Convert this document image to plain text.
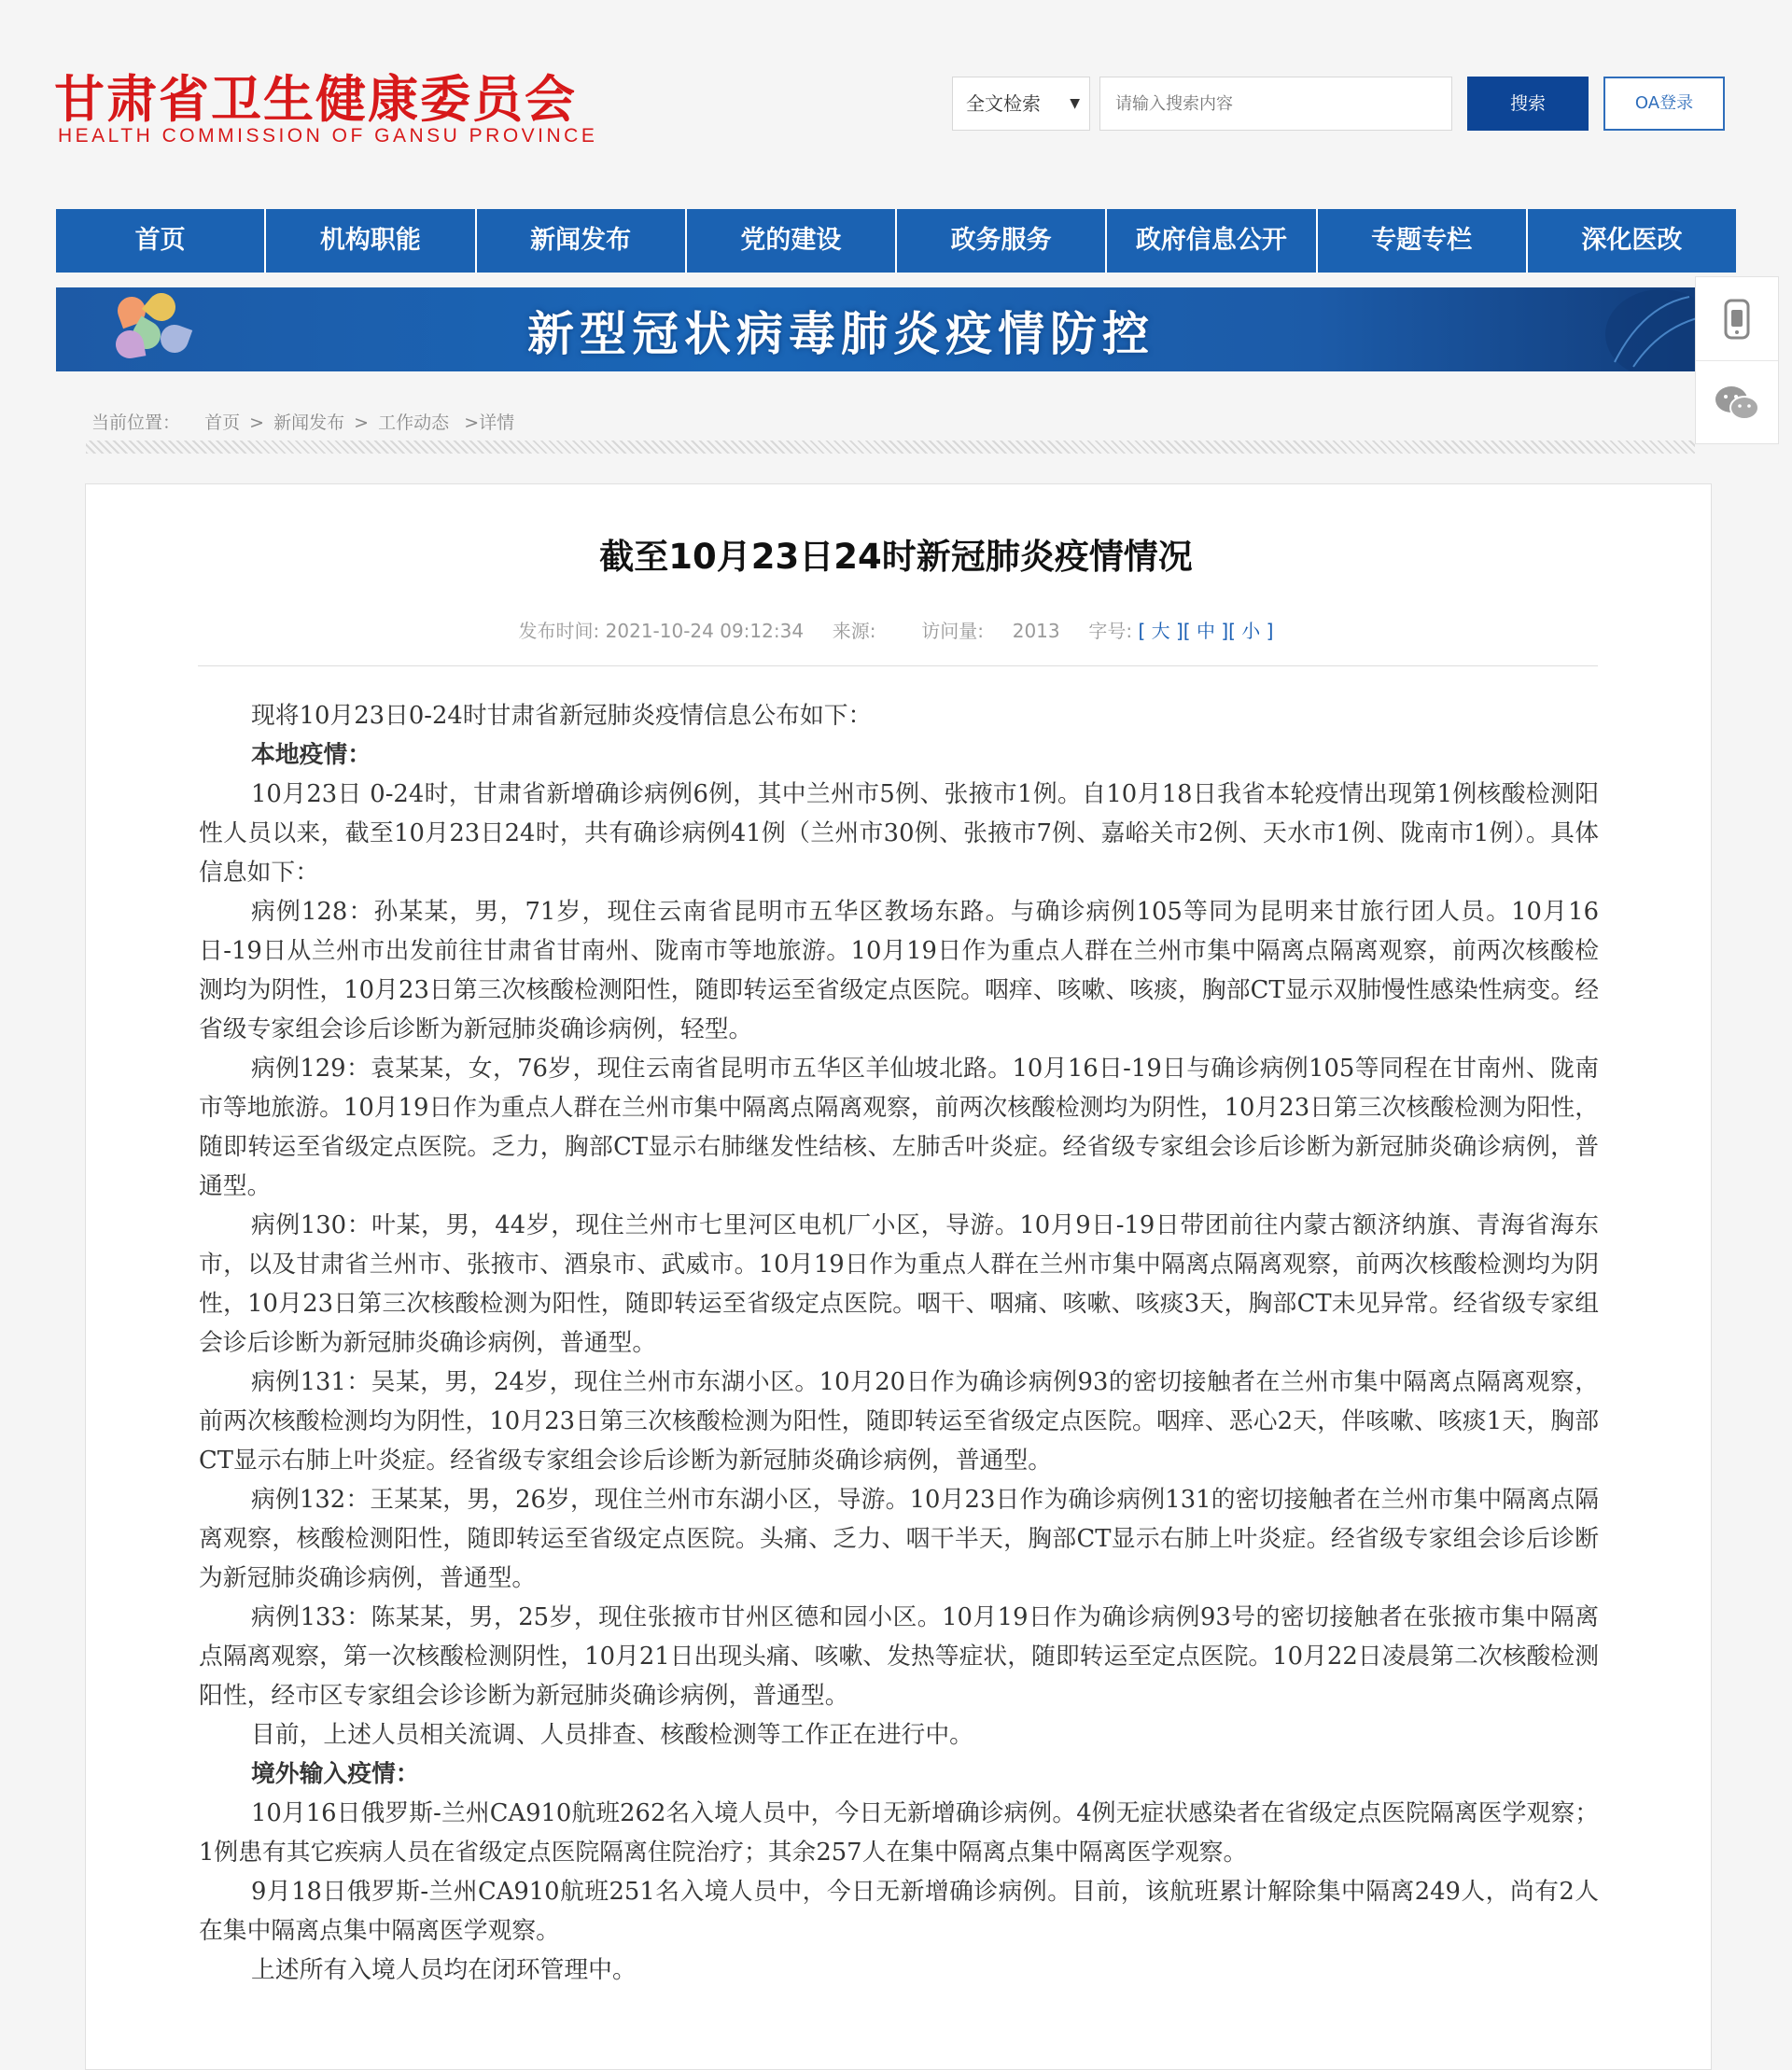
甘肃省卫生健康委员会
HEALTH COMMISSION OF GANSU PROVINCE
全文检索 ▼
请输入搜索内容	搜索	OA登录
首页	机构职能	新闻发布	党的建设	政务服务	政府信息公开	专题专栏	深化医改
新型冠状病毒肺炎疫情防控
当前位置： 首页 > 新闻发布 > 工作动态 >详情
截至10月23日24时新冠肺炎疫情情况
发布时间: 2021-10-24 09:12:34 来源: 访问量: 2013 字号: [ 大 ][ 中 ][ 小 ]

现将10月23日0-24时甘肃省新冠肺炎疫情信息公布如下：

本地疫情：

10月23日 0-24时，甘肃省新增确诊病例6例，其中兰州市5例、张掖市1例。自10月18日我省本轮疫情出现第1例核酸检测阳性人员以来，截至10月23日24时，共有确诊病例41例（兰州市30例、张掖市7例、嘉峪关市2例、天水市1例、陇南市1例）。具体信息如下：

病例128：孙某某，男，71岁，现住云南省昆明市五华区教场东路。与确诊病例105等同为昆明来甘旅行团人员。10月16日-19日从兰州市出发前往甘肃省甘南州、陇南市等地旅游。10月19日作为重点人群在兰州市集中隔离点隔离观察，前两次核酸检测均为阴性，10月23日第三次核酸检测阳性，随即转运至省级定点医院。咽痒、咳嗽、咳痰，胸部CT显示双肺慢性感染性病变。经省级专家组会诊后诊断为新冠肺炎确诊病例，轻型。

病例129：袁某某，女，76岁，现住云南省昆明市五华区羊仙坡北路。10月16日-19日与确诊病例105等同程在甘南州、陇南市等地旅游。10月19日作为重点人群在兰州市集中隔离点隔离观察，前两次核酸检测均为阴性，10月23日第三次核酸检测为阳性，随即转运至省级定点医院。乏力，胸部CT显示右肺继发性结核、左肺舌叶炎症。经省级专家组会诊后诊断为新冠肺炎确诊病例，普通型。

病例130：叶某，男，44岁，现住兰州市七里河区电机厂小区，导游。10月9日-19日带团前往内蒙古额济纳旗、青海省海东市，以及甘肃省兰州市、张掖市、酒泉市、武威市。10月19日作为重点人群在兰州市集中隔离点隔离观察，前两次核酸检测均为阴性，10月23日第三次核酸检测为阳性，随即转运至省级定点医院。咽干、咽痛、咳嗽、咳痰3天，胸部CT未见异常。经省级专家组会诊后诊断为新冠肺炎确诊病例，普通型。

病例131：吴某，男，24岁，现住兰州市东湖小区。10月20日作为确诊病例93的密切接触者在兰州市集中隔离点隔离观察，前两次核酸检测均为阴性，10月23日第三次核酸检测为阳性，随即转运至省级定点医院。咽痒、恶心2天，伴咳嗽、咳痰1天，胸部CT显示右肺上叶炎症。经省级专家组会诊后诊断为新冠肺炎确诊病例，普通型。

病例132：王某某，男，26岁，现住兰州市东湖小区，导游。10月23日作为确诊病例131的密切接触者在兰州市集中隔离点隔离观察，核酸检测阳性，随即转运至省级定点医院。头痛、乏力、咽干半天，胸部CT显示右肺上叶炎症。经省级专家组会诊后诊断为新冠肺炎确诊病例，普通型。

病例133：陈某某，男，25岁，现住张掖市甘州区德和园小区。10月19日作为确诊病例93号的密切接触者在张掖市集中隔离点隔离观察，第一次核酸检测阴性，10月21日出现头痛、咳嗽、发热等症状，随即转运至定点医院。10月22日凌晨第二次核酸检测阳性，经市区专家组会诊诊断为新冠肺炎确诊病例，普通型。

目前，上述人员相关流调、人员排查、核酸检测等工作正在进行中。

境外输入疫情：

10月16日俄罗斯-兰州CA910航班262名入境人员中，今日无新增确诊病例。4例无症状感染者在省级定点医院隔离医学观察；1例患有其它疾病人员在省级定点医院隔离住院治疗；其余257人在集中隔离点集中隔离医学观察。

9月18日俄罗斯-兰州CA910航班251名入境人员中，今日无新增确诊病例。目前，该航班累计解除集中隔离249人，尚有2人在集中隔离点集中隔离医学观察。

上述所有入境人员均在闭环管理中。
